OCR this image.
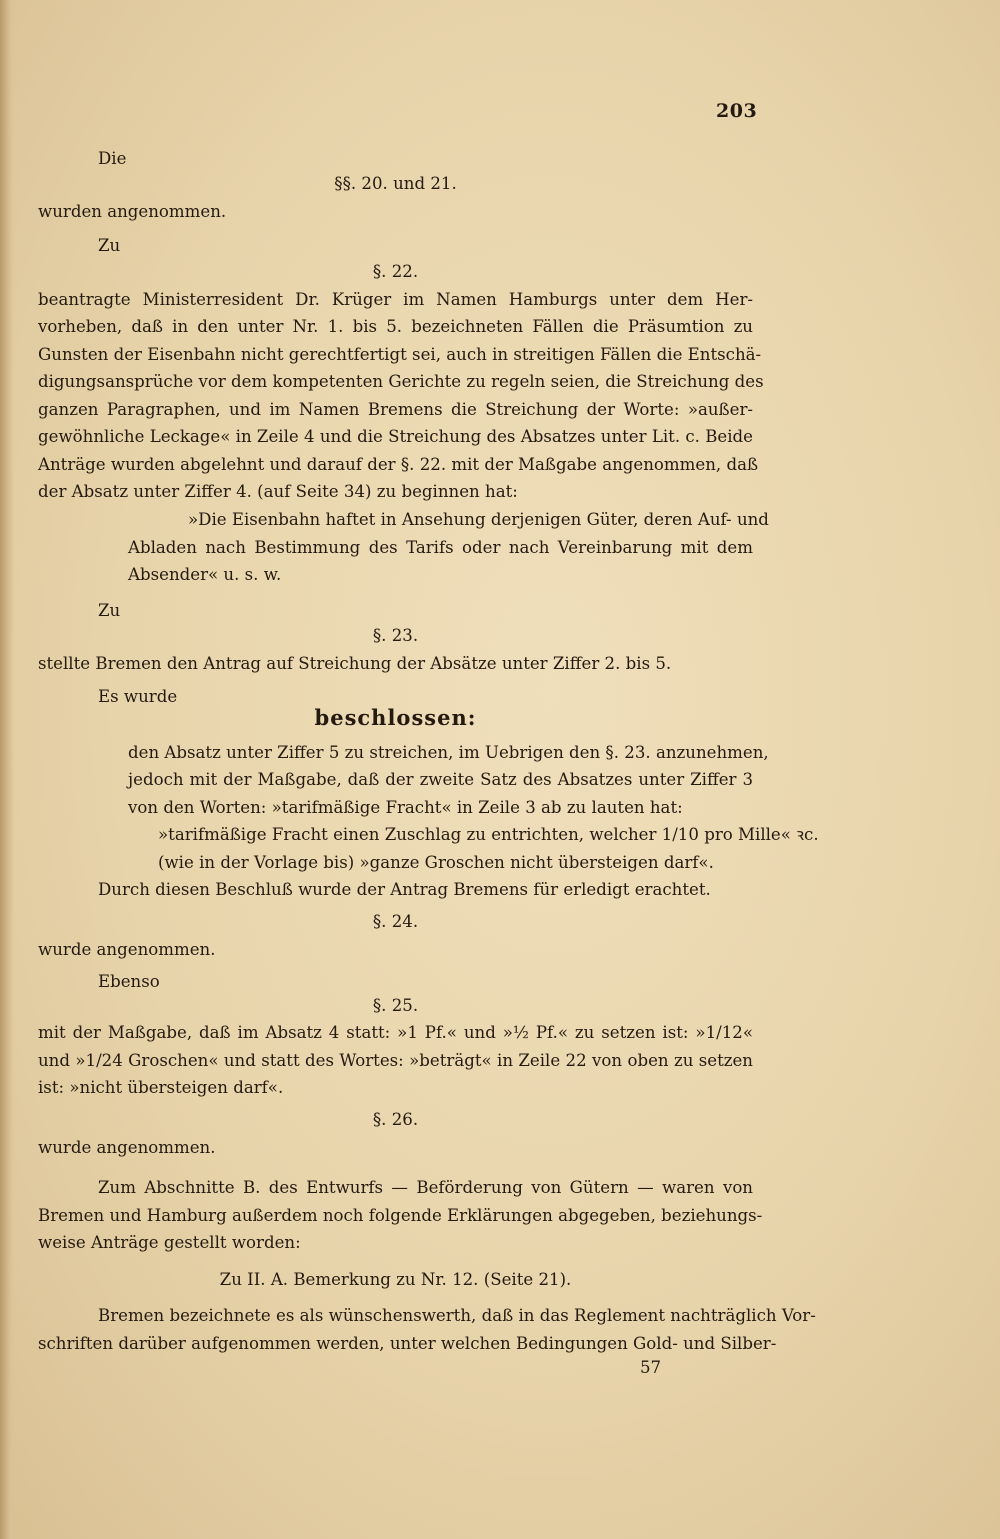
203
Die
§§. 20. und 21.
wurden angenommen.
Zu
§. 22.
beantragte Ministerresident Dr. Krüger im Namen Hamburgs unter dem Her-
vorheben, daß in den unter Nr. 1. bis 5. bezeichneten Fällen die Präsumtion zu
Gunsten der Eisenbahn nicht gerechtfertigt sei, auch in streitigen Fällen die Entschä-
digungsansprüche vor dem kompetenten Gerichte zu regeln seien, die Streichung des
ganzen Paragraphen, und im Namen Bremens die Streichung der Worte: »außer-
gewöhnliche Leckage« in Zeile 4 und die Streichung des Absatzes unter Lit. c. Beide
Anträge wurden abgelehnt und darauf der §. 22. mit der Maßgabe angenommen, daß
der Absatz unter Ziffer 4. (auf Seite 34) zu beginnen hat:
»Die Eisenbahn haftet in Ansehung derjenigen Güter, deren Auf- und
Abladen nach Bestimmung des Tarifs oder nach Vereinbarung mit dem
Absender« u. s. w.
Zu
§. 23.
stellte Bremen den Antrag auf Streichung der Absätze unter Ziffer 2. bis 5.
Es wurde
den Absatz unter Ziffer 5 zu streichen, im Uebrigen den §. 23. anzunehmen,
jedoch mit der Maßgabe, daß der zweite Satz des Absatzes unter Ziffer 3
von den Worten: »tarifmäßige Fracht« in Zeile 3 ab zu lauten hat:
»tarifmäßige Fracht einen Zuschlag zu entrichten, welcher 1/10 pro Mille« ꝛc.
(wie in der Vorlage bis) »ganze Groschen nicht übersteigen darf«.
Durch diesen Beschluß wurde der Antrag Bremens für erledigt erachtet.
§. 24.
wurde angenommen.
Ebenso
§. 25.
mit der Maßgabe, daß im Absatz 4 statt: »1 Pf.« und »½ Pf.« zu setzen ist: »1/12«
und »1/24 Groschen« und statt des Wortes: »beträgt« in Zeile 22 von oben zu setzen
ist: »nicht übersteigen darf«.
§. 26.
wurde angenommen.
Zum Abschnitte B. des Entwurfs — Beförderung von Gütern — waren von
Bremen und Hamburg außerdem noch folgende Erklärungen abgegeben, beziehungs-
weise Anträge gestellt worden:
Zu II. A. Bemerkung zu Nr. 12. (Seite 21).
Bremen bezeichnete es als wünschenswerth, daß in das Reglement nachträglich Vor-
schriften darüber aufgenommen werden, unter welchen Bedingungen Gold- und Silber-
beschlossen:
57
